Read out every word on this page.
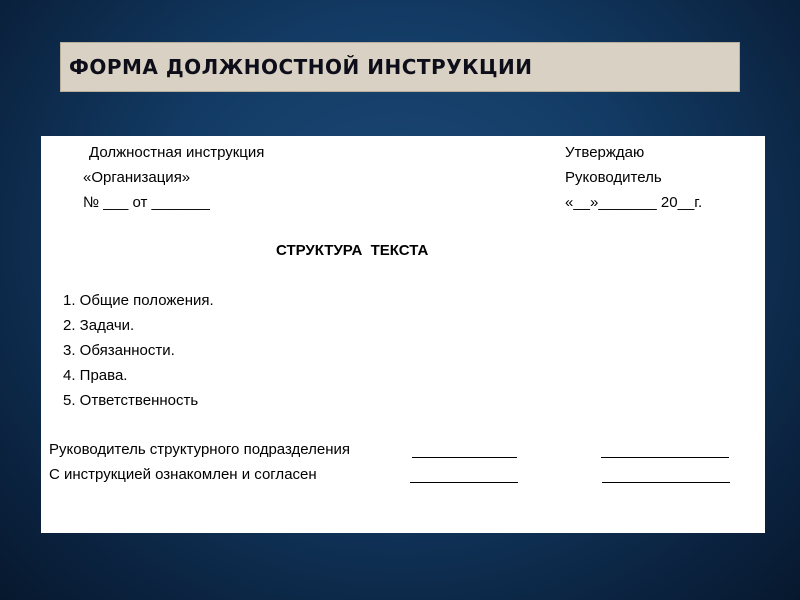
ФОРМА ДОЛЖНОСТНОЙ ИНСТРУКЦИИ
Должностная инструкция
«Организация»
№ ___ от _______
Утверждаю
Руководитель
«__»_______ 20__г.
СТРУКТУРА  ТЕКСТА
1. Общие положения.
2. Задачи.
3. Обязанности.
4. Права.
5. Ответственность
Руководитель структурного подразделения
С инструкцией ознакомлен и согласен
